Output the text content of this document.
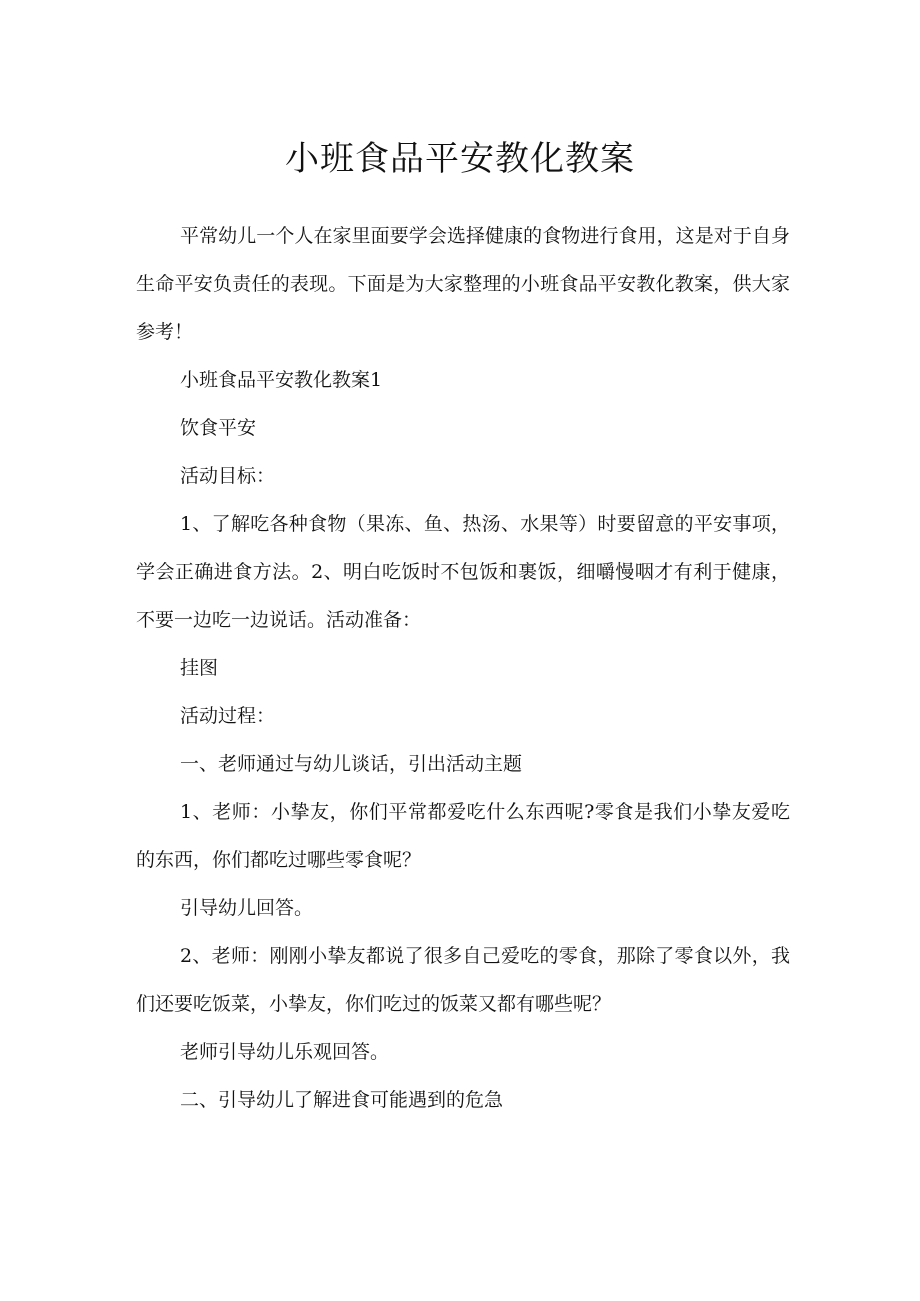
小班食品平安教化教案

平常幼儿一个人在家里面要学会选择健康的食物进行食用，这是对于自身生命平安负责任的表现。下面是为大家整理的小班食品平安教化教案，供大家参考！

小班食品平安教化教案1

饮食平安

活动目标：

1、了解吃各种食物（果冻、鱼、热汤、水果等）时要留意的平安事项，学会正确进食方法。2、明白吃饭时不包饭和裹饭，细嚼慢咽才有利于健康，不要一边吃一边说话。活动准备：

挂图

活动过程：

一、老师通过与幼儿谈话，引出活动主题

1、老师：小挚友，你们平常都爱吃什么东西呢?零食是我们小挚友爱吃的东西，你们都吃过哪些零食呢？

引导幼儿回答。

2、老师：刚刚小挚友都说了很多自己爱吃的零食，那除了零食以外，我们还要吃饭菜，小挚友，你们吃过的饭菜又都有哪些呢？

老师引导幼儿乐观回答。

二、引导幼儿了解进食可能遇到的危急
